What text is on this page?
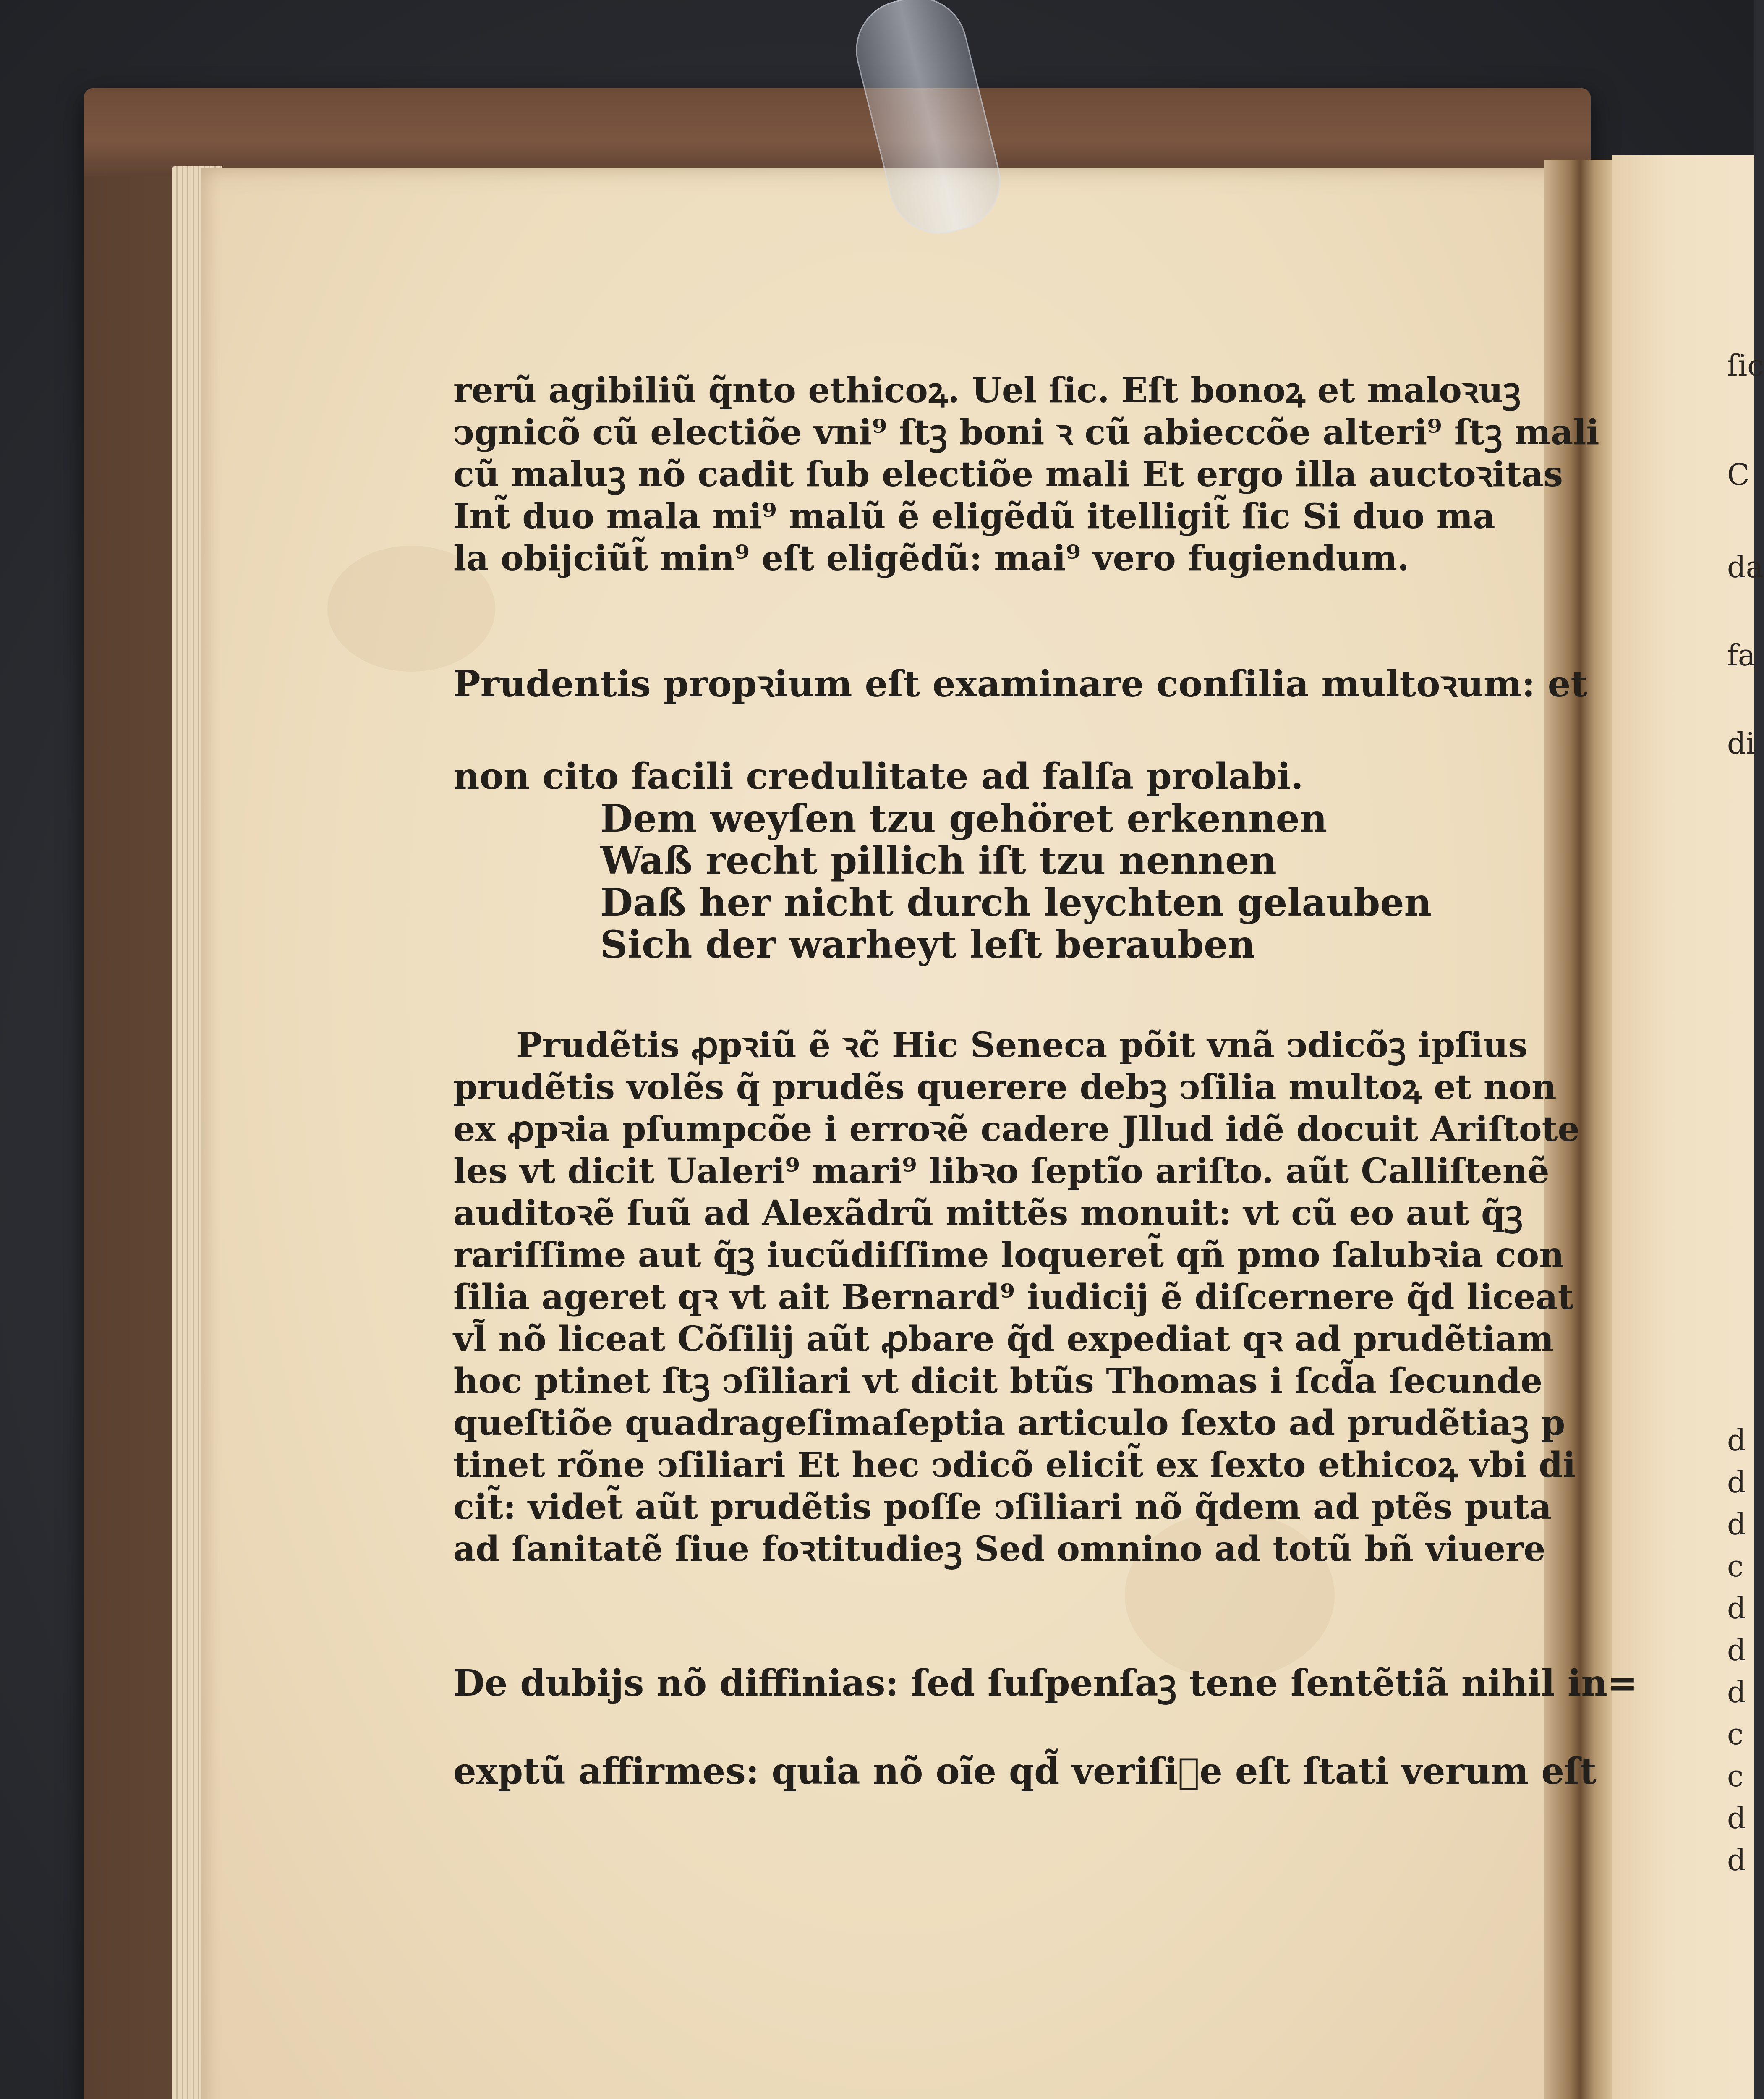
ſic
C
da
fa
di
d
d
d
c
d
d
d
c
c
d
d
rerũ agibiliũ q̃nto ethicoꝝ. Uel ſic. Eſt bonoꝝ et maloꝛuꝫ
ↄgnicõ cũ electiõe vni⁹ ſtꝫ boni ꝛ cũ abieccõe alteri⁹ ſtꝫ mali
cũ maluꝫ nõ cadit ſub electiõe mali Et ergo illa auctoꝛitas
Int̃ duo mala mi⁹ malũ ẽ eligẽdũ itelligit̃ ſic Si duo ma
la obijciũt̃ min⁹ eſt eligẽdũ: mai⁹ vero fugiendum.
Prudentis propꝛium eſt examinare conſilia multoꝛum: et
non cito facili credulitate ad falſa prolabi.
Dem weyſen tzu gehöret erkennen
Waß recht pillich iſt tzu nennen
Daß her nicht durch leychten gelauben
Sich der warheyt leſt berauben
Prudẽtis ꝓpꝛiũ ẽ ꝛc̃ Hic Seneca põit vnã ↄdicõꝫ ipſius
prudẽtis volẽs q̃ prudẽs querere debꝫ ↄſilia multoꝝ et non
ex ꝓpꝛia pſumpcõe i erroꝛẽ cadere Jllud idẽ docuit Ariſtote
les vt dicit Ualeri⁹ mari⁹ libꝛo ſeptĩo ariſto. aũt Calliſtenẽ
auditoꝛẽ ſuũ ad Alexãdrũ mittẽs monuit: vt cũ eo aut q̃ꝫ
rariſſime aut q̃ꝫ iucũdiſſime loqueret̃ qñ pmo ſalubꝛia con
ſilia ageret qꝛ vt ait Bernard⁹ iudicij ẽ diſcernere q̃d liceat
vl̃ nõ liceat Cõſilij aũt ꝓbare q̃d expediat qꝛ ad prudẽtiam
hoc ptinet ſtꝫ ↄſiliari vt dicit btũs Thomas i ſcd̃a ſecunde
queſtiõe quadrageſimaſeptia articulo ſexto ad prudẽtiaꝫ p
tinet rõne ↄſiliari Et hec ↄdicõ elicit̃ ex ſexto ethicoꝝ vbi di
cit̃: videt̃ aũt prudẽtis poſſe ↄſiliari nõ q̃dem ad ptẽs puta
ad ſanitatẽ ſiue foꝛtitudieꝫ Sed omnino ad totũ bñ viuere
De dubijs nõ diffinias: ſed ſuſpenſaꝫ tene ſentẽtiã nihil in=
exptũ affirmes: quia nõ oĩe qd̃ veriſi᷑e eſt ſtati verum eſt
